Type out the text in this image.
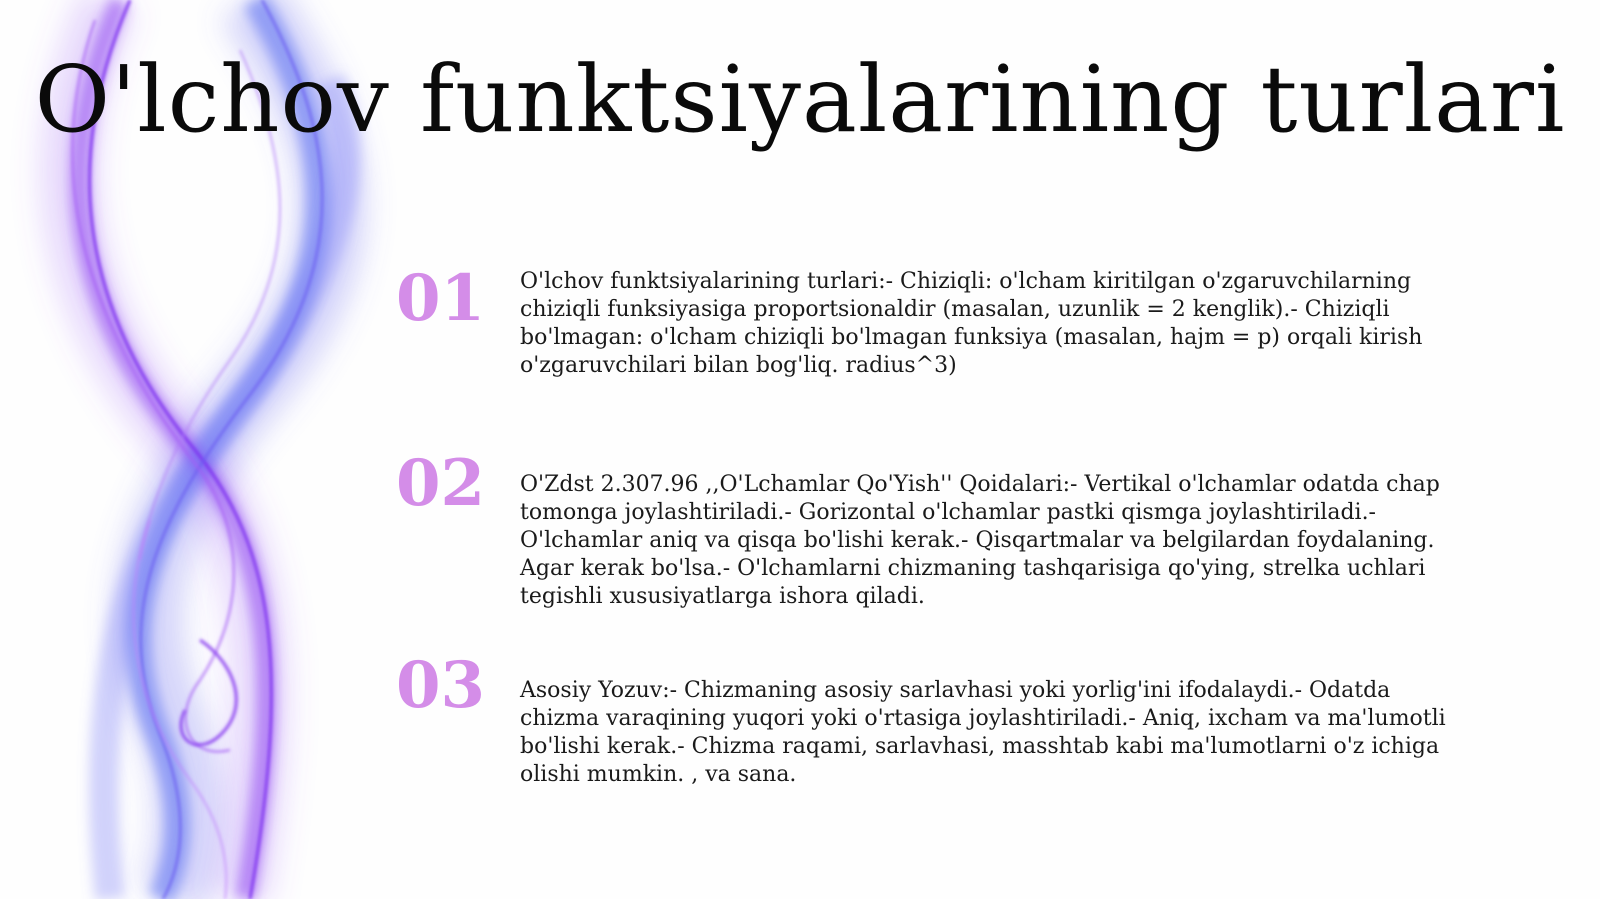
O'lchov funktsiyalarining turlari
01 O'lchov funktsiyalarining turlari:- Chiziqli: o'lcham kiritilgan o'zgaruvchilarning chiziqli funksiyasiga proportsionaldir (masalan, uzunlik = 2 kenglik).- Chiziqli bo'lmagan: o'lcham chiziqli bo'lmagan funksiya (masalan, hajm = p) orqali kirish o'zgaruvchilari bilan bog'liq. radius^3)

02 O'Zdst 2.307.96 ,,O'Lchamlar Qo'Yish'' Qoidalari:- Vertikal o'lchamlar odatda chap tomonga joylashtiriladi.- Gorizontal o'lchamlar pastki qismga joylashtiriladi.- O'lchamlar aniq va qisqa bo'lishi kerak.- Qisqartmalar va belgilardan foydalaning. Agar kerak bo'lsa.- O'lchamlarni chizmaning tashqarisiga qo'ying, strelka uchlari tegishli xususiyatlarga ishora qiladi.

03 Asosiy Yozuv:- Chizmaning asosiy sarlavhasi yoki yorlig'ini ifodalaydi.- Odatda chizma varaqining yuqori yoki o'rtasiga joylashtiriladi.- Aniq, ixcham va ma'lumotli bo'lishi kerak.- Chizma raqami, sarlavhasi, masshtab kabi ma'lumotlarni o'z ichiga olishi mumkin. , va sana.
